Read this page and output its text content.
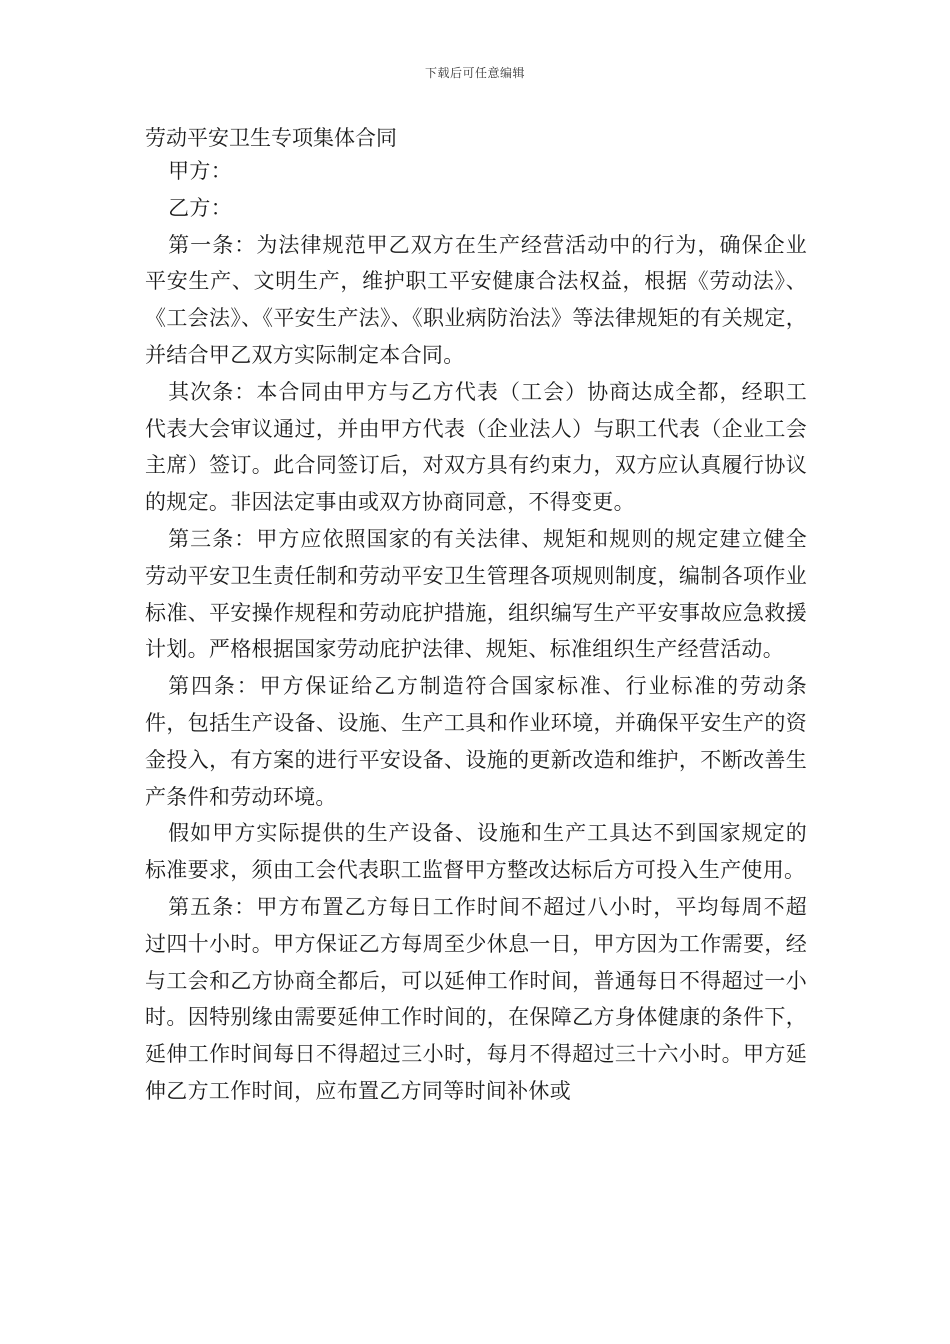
下载后可任意编辑
劳动平安卫生专项集体合同

甲方：

乙方：

第一条：为法律规范甲乙双方在生产经营活动中的行为，确保企业平安生产、文明生产，维护职工平安健康合法权益，根据《劳动法》、《工会法》、《平安生产法》、《职业病防治法》等法律规矩的有关规定，并结合甲乙双方实际制定本合同。

其次条：本合同由甲方与乙方代表（工会）协商达成全都，经职工代表大会审议通过，并由甲方代表（企业法人）与职工代表（企业工会主席）签订。此合同签订后，对双方具有约束力，双方应认真履行协议的规定。非因法定事由或双方协商同意，不得变更。

第三条：甲方应依照国家的有关法律、规矩和规则的规定建立健全劳动平安卫生责任制和劳动平安卫生管理各项规则制度，编制各项作业标准、平安操作规程和劳动庇护措施，组织编写生产平安事故应急救援计划。严格根据国家劳动庇护法律、规矩、标准组织生产经营活动。

第四条：甲方保证给乙方制造符合国家标准、行业标准的劳动条件，包括生产设备、设施、生产工具和作业环境，并确保平安生产的资金投入，有方案的进行平安设备、设施的更新改造和维护，不断改善生产条件和劳动环境。

假如甲方实际提供的生产设备、设施和生产工具达不到国家规定的标准要求，须由工会代表职工监督甲方整改达标后方可投入生产使用。

第五条：甲方布置乙方每日工作时间不超过八小时，平均每周不超过四十小时。甲方保证乙方每周至少休息一日，甲方因为工作需要，经与工会和乙方协商全都后，可以延伸工作时间，普通每日不得超过一小时。因特别缘由需要延伸工作时间的，在保障乙方身体健康的条件下，延伸工作时间每日不得超过三小时，每月不得超过三十六小时。甲方延伸乙方工作时间，应布置乙方同等时间补休或
